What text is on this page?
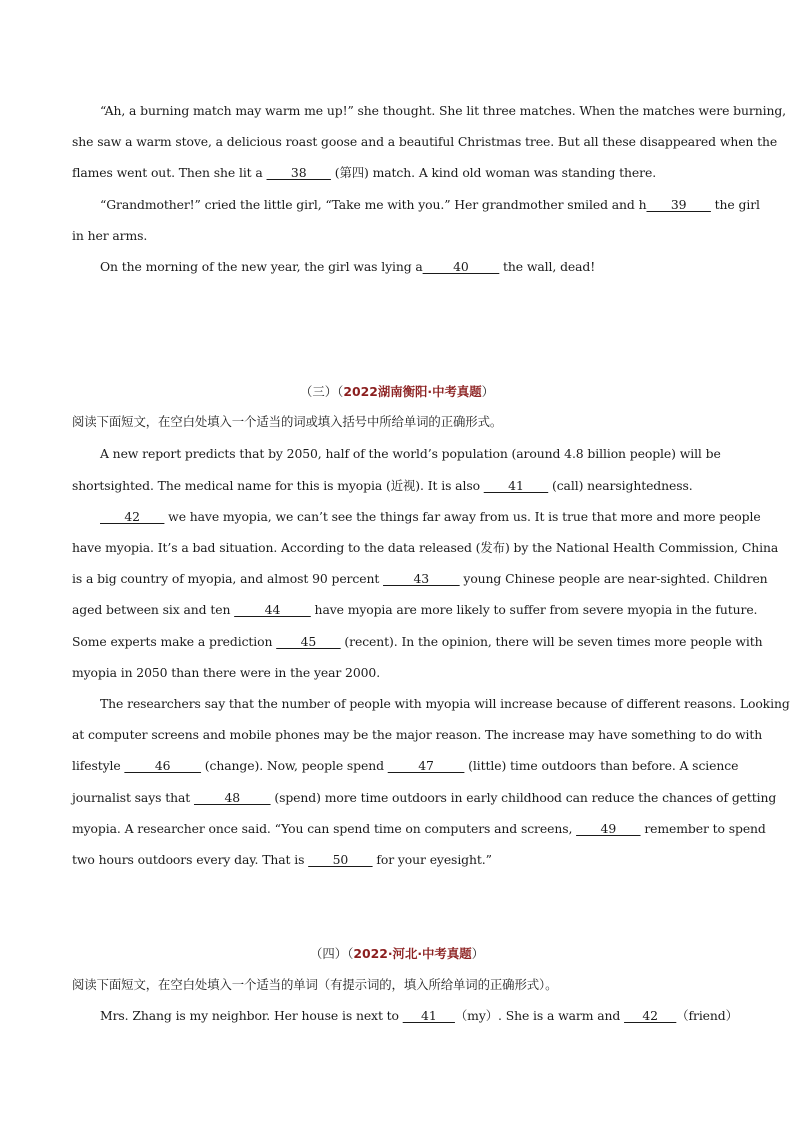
“Ah, a burning match may warm me up!” she thought. She lit three matches. When the matches were burning,
she saw a warm stove, a delicious roast goose and a beautiful Christmas tree. But all these disappeared when the
flames went out. Then she lit a ____38____ (第四) match. A kind old woman was standing there.
“Grandmother!” cried the little girl, “Take me with you.” Her grandmother smiled and h____39____ the girl
in her arms.
On the morning of the new year, the girl was lying a_____40_____ the wall, dead!
（三）（2022湖南衡阳·中考真题）
阅读下面短文，在空白处填入一个适当的词或填入括号中所给单词的正确形式。
A new report predicts that by 2050, half of the world’s population (around 4.8 billion people) will be
shortsighted. The medical name for this is myopia (近视). It is also ____41____ (call) nearsightedness.
____42____ we have myopia, we can’t see the things far away from us. It is true that more and more people
have myopia. It’s a bad situation. According to the data released (发布) by the National Health Commission, China
is a big country of myopia, and almost 90 percent _____43_____ young Chinese people are near-sighted. Children
aged between six and ten _____44_____ have myopia are more likely to suffer from severe myopia in the future.
Some experts make a prediction ____45____ (recent). In the opinion, there will be seven times more people with
myopia in 2050 than there were in the year 2000.
The researchers say that the number of people with myopia will increase because of different reasons. Looking
at computer screens and mobile phones may be the major reason. The increase may have something to do with
lifestyle _____46_____ (change). Now, people spend _____47_____ (little) time outdoors than before. A science
journalist says that _____48_____ (spend) more time outdoors in early childhood can reduce the chances of getting
myopia. A researcher once said. “You can spend time on computers and screens, ____49____ remember to spend
two hours outdoors every day. That is ____50____ for your eyesight.”
（四）（2022·河北·中考真题）
阅读下面短文，在空白处填入一个适当的单词（有提示词的，填入所给单词的正确形式）。
Mrs. Zhang is my neighbor. Her house is next to ___41___（my）. She is a warm and ___42___（friend）
